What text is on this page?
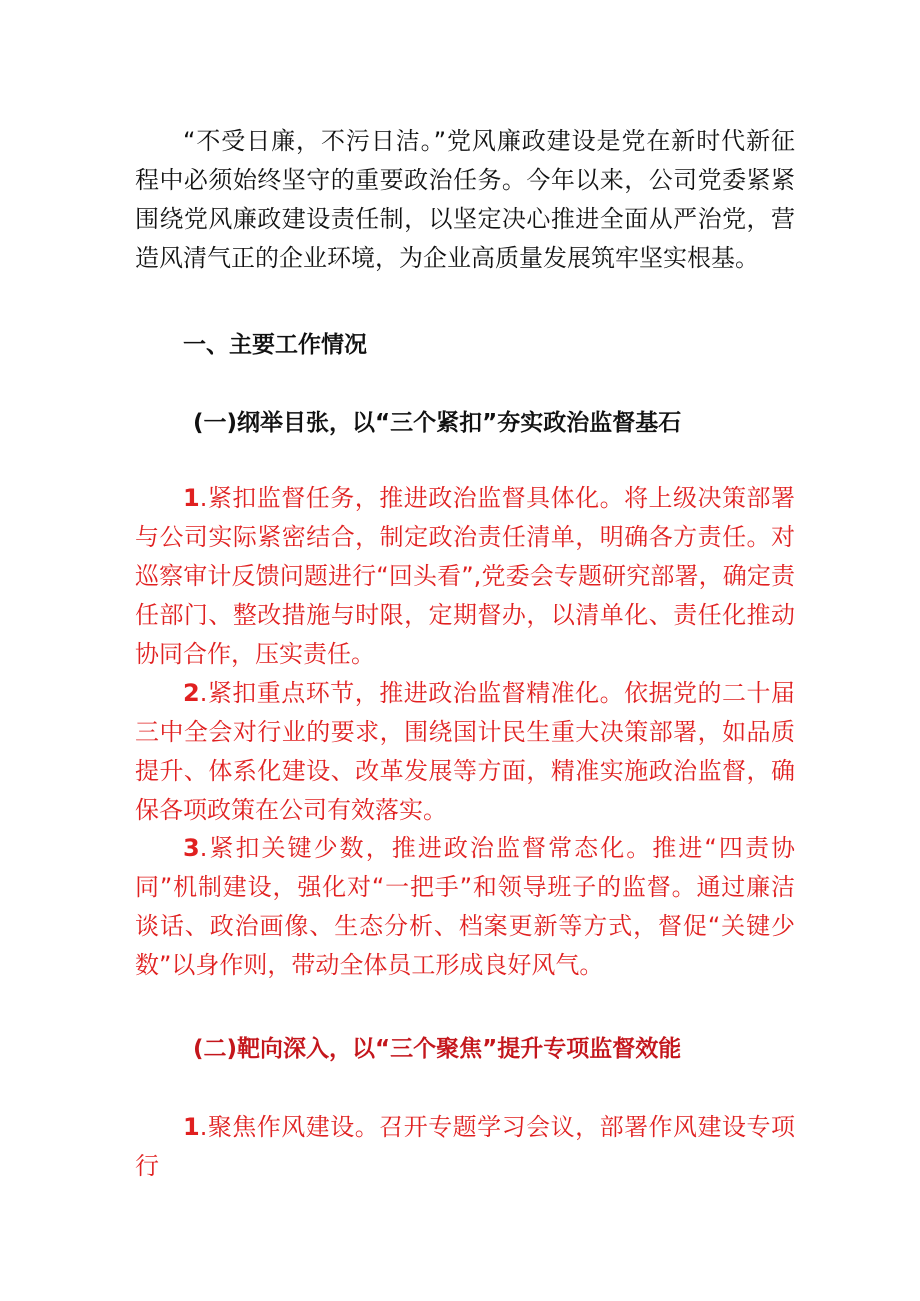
“不受日廉，不污日洁。”党风廉政建设是党在新时代新征程中必须始终坚守的重要政治任务。今年以来，公司党委紧紧围绕党风廉政建设责任制，以坚定决心推进全面从严治党，营造风清气正的企业环境，为企业高质量发展筑牢坚实根基。

一、主要工作情况
(一)纲举目张，以“三个紧扣”夯实政治监督基石

1.紧扣监督任务，推进政治监督具体化。将上级决策部署与公司实际紧密结合，制定政治责任清单，明确各方责任。对巡察审计反馈问题进行“回头看”,党委会专题研究部署，确定责任部门、整改措施与时限，定期督办，以清单化、责任化推动协同合作，压实责任。

2.紧扣重点环节，推进政治监督精准化。依据党的二十届三中全会对行业的要求，围绕国计民生重大决策部署，如品质提升、体系化建设、改革发展等方面，精准实施政治监督，确保各项政策在公司有效落实。

3.紧扣关键少数，推进政治监督常态化。推进“四责协同”机制建设，强化对“一把手”和领导班子的监督。通过廉洁谈话、政治画像、生态分析、档案更新等方式，督促“关键少数”以身作则，带动全体员工形成良好风气。

(二)靶向深入，以“三个聚焦”提升专项监督效能

1.聚焦作风建设。召开专题学习会议，部署作风建设专项行
